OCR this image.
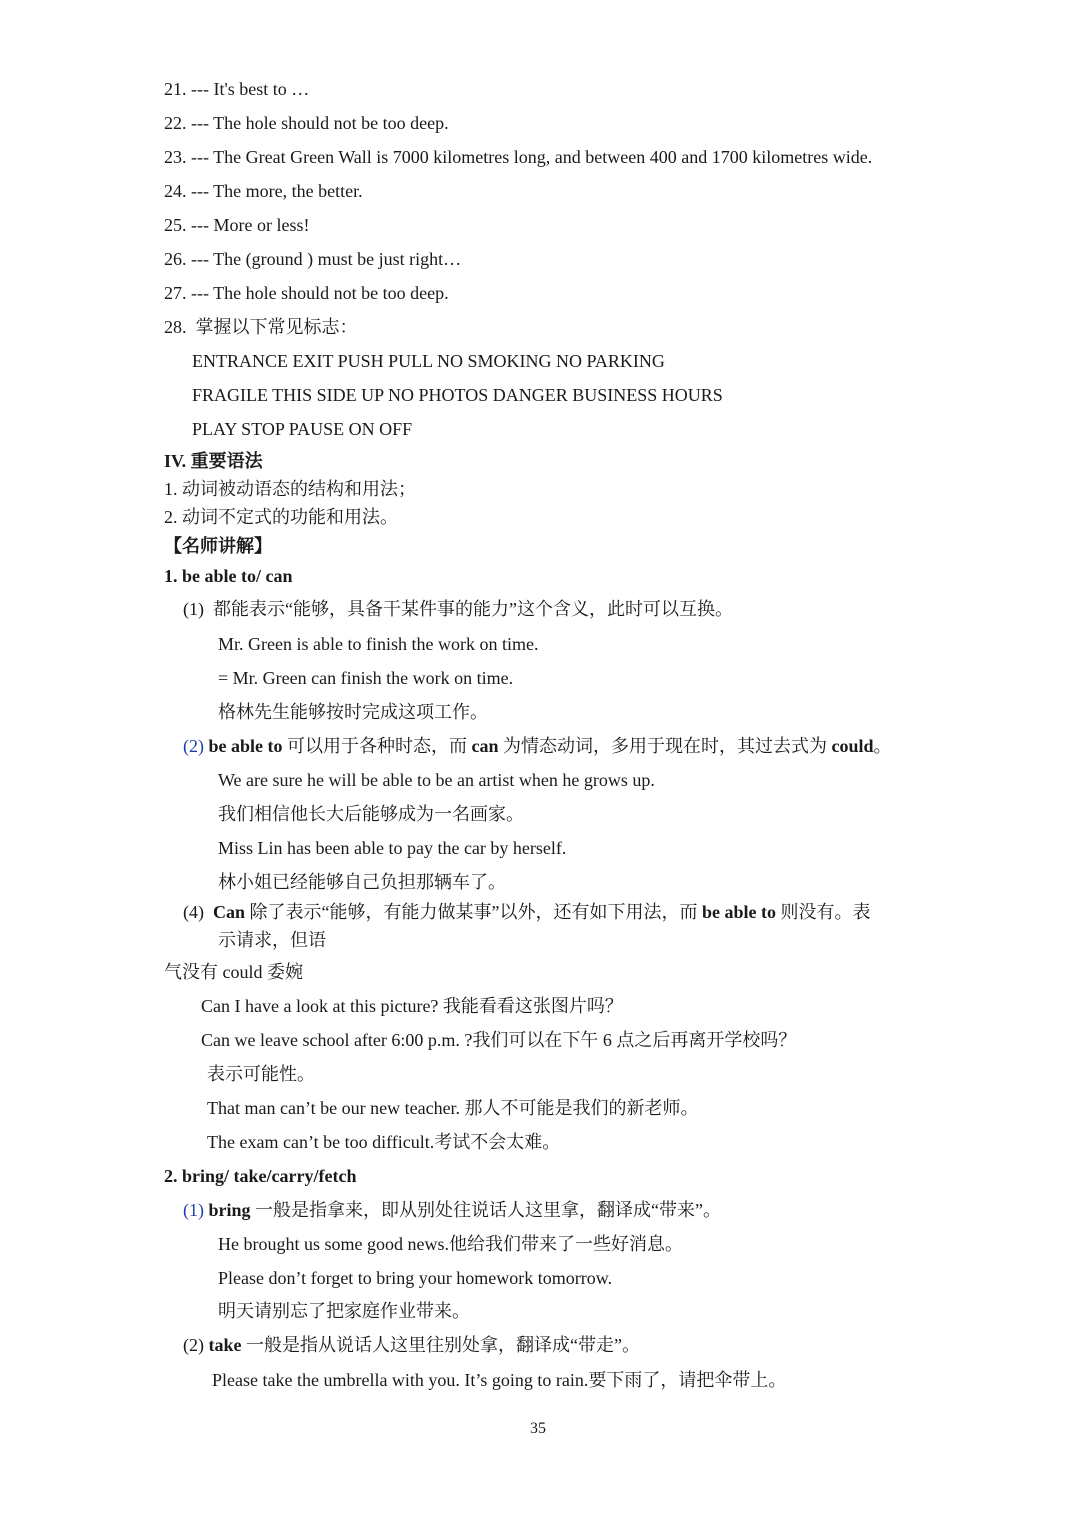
21. --- It's best to …
22. --- The hole should not be too deep.
23. --- The Great Green Wall is 7000 kilometres long, and between 400 and 1700 kilometres wide.
24. --- The more, the better.
25. --- More or less!
26. --- The (ground ) must be just right…
27. --- The hole should not be too deep.
28. 掌握以下常见标志：
ENTRANCE EXIT PUSH PULL NO SMOKING NO PARKING
FRAGILE THIS SIDE UP NO PHOTOS DANGER BUSINESS HOURS
PLAY STOP PAUSE ON OFF
IV. 重要语法
1. 动词被动语态的结构和用法；
2. 动词不定式的功能和用法。
【名师讲解】
1. be able to/ can
(1) 都能表示“能够，具备干某件事的能力”这个含义，此时可以互换。
Mr. Green is able to finish the work on time.
= Mr. Green can finish the work on time.
格林先生能够按时完成这项工作。
(2) be able to 可以用于各种时态，而 can 为情态动词，多用于现在时，其过去式为 could。
We are sure he will be able to be an artist when he grows up.
我们相信他长大后能够成为一名画家。
Miss Lin has been able to pay the car by herself.
林小姐已经能够自己负担那辆车了。
(4) Can 除了表示“能够，有能力做某事”以外，还有如下用法，而 be able to 则没有。表
示请求，但语
气没有 could 委婉
Can I have a look at this picture? 我能看看这张图片吗？
Can we leave school after 6:00 p.m. ?我们可以在下午 6 点之后再离开学校吗？
表示可能性。
That man can’t be our new teacher. 那人不可能是我们的新老师。
The exam can’t be too difficult.考试不会太难。
2. bring/ take/carry/fetch
(1) bring 一般是指拿来，即从别处往说话人这里拿，翻译成“带来”。
He brought us some good news.他给我们带来了一些好消息。
Please don’t forget to bring your homework tomorrow.
明天请别忘了把家庭作业带来。
(2) take 一般是指从说话人这里往别处拿，翻译成“带走”。
Please take the umbrella with you. It’s going to rain.要下雨了，请把伞带上。
35
